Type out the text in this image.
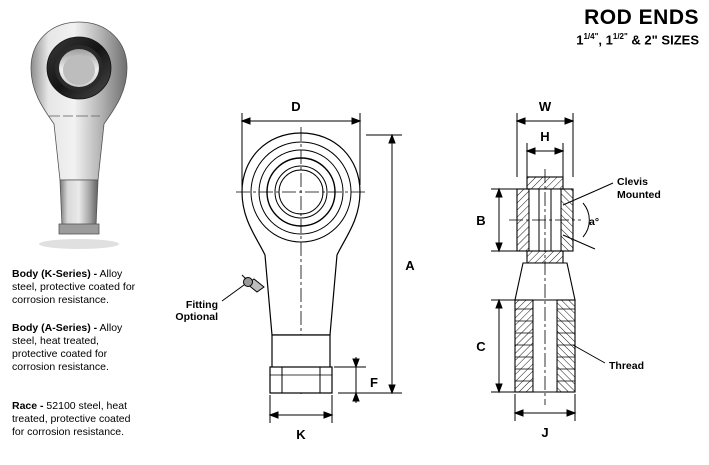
ROD ENDS
$1^{1/4"}$, $1^{1/2"}$ & 2" SIZES
Body (K-Series) - Alloy steel, protective coated for corrosion resistance.
Body (A-Series) - Alloy steel, heat treated, protective coated for corrosion resistance.
Race - 52100 steel, heat treated, protective coated for corrosion resistance.
D
Fitting
Optional
A
F
K
W
H
B	a°
Clevis
Mounted
C
Thread
J
